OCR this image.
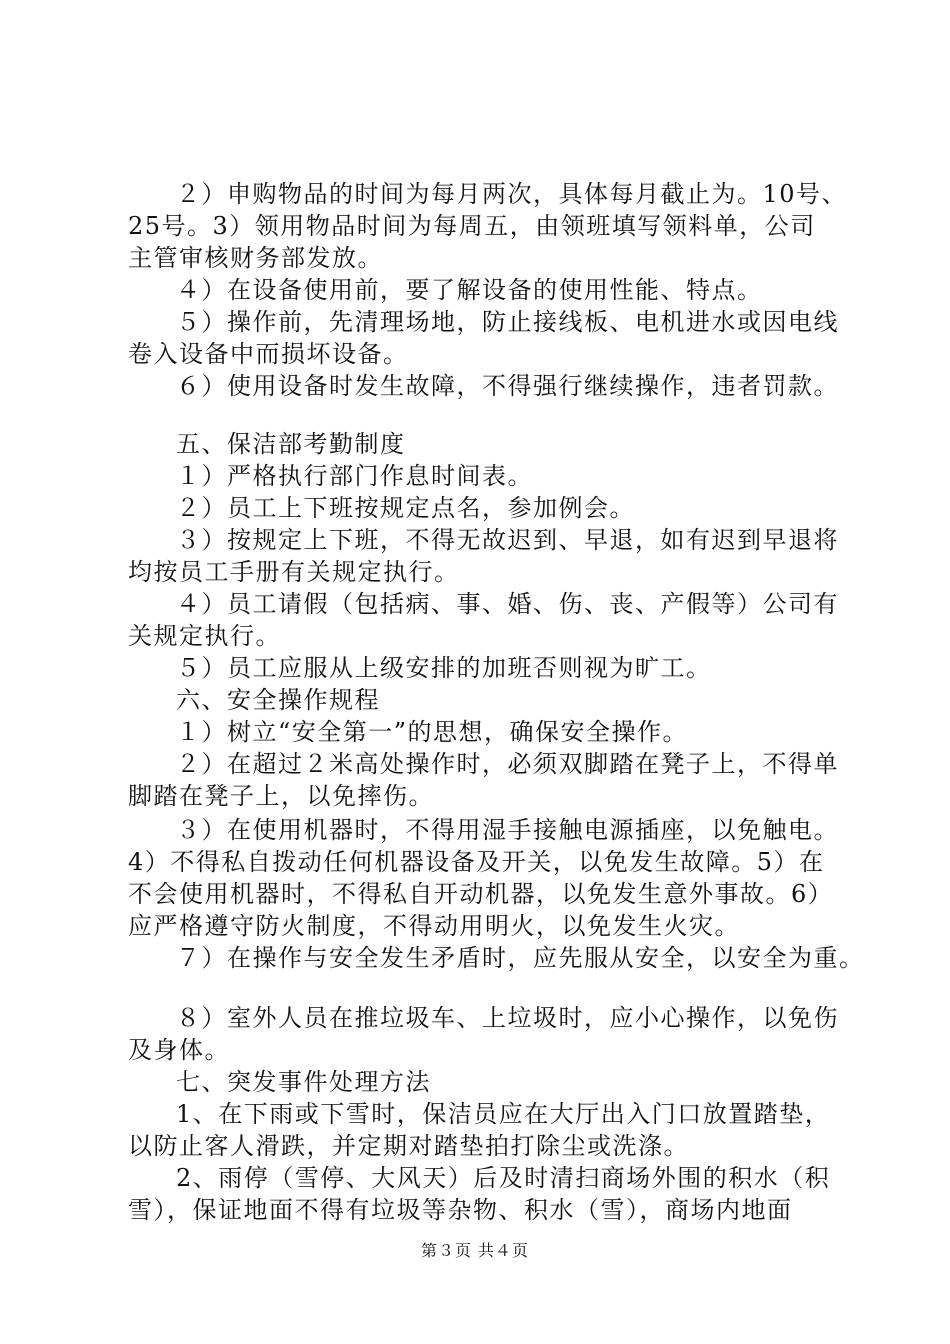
２）申购物品的时间为每月两次，具体每月截止为。10号、
25号。3）领用物品时间为每周五，由领班填写领料单，公司
主管审核财务部发放。
４）在设备使用前，要了解设备的使用性能、特点。
５）操作前，先清理场地，防止接线板、电机进水或因电线
卷入设备中而损坏设备。
６）使用设备时发生故障，不得强行继续操作，违者罚款。
五、保洁部考勤制度
１）严格执行部门作息时间表。
２）员工上下班按规定点名，参加例会。
３）按规定上下班，不得无故迟到、早退，如有迟到早退将
均按员工手册有关规定执行。
４）员工请假（包括病、事、婚、伤、丧、产假等）公司有
关规定执行。
５）员工应服从上级安排的加班否则视为旷工。
六、安全操作规程
１）树立“安全第一”的思想，确保安全操作。
２）在超过２米高处操作时，必须双脚踏在凳子上，不得单
脚踏在凳子上，以免摔伤。
３）在使用机器时，不得用湿手接触电源插座，以免触电。
4）不得私自拨动任何机器设备及开关，以免发生故障。5）在
不会使用机器时，不得私自开动机器，以免发生意外事故。6）
应严格遵守防火制度，不得动用明火，以免发生火灾。
７）在操作与安全发生矛盾时，应先服从安全，以安全为重。
８）室外人员在推垃圾车、上垃圾时，应小心操作，以免伤
及身体。
七、突发事件处理方法
1、在下雨或下雪时，保洁员应在大厅出入门口放置踏垫，
以防止客人滑跌，并定期对踏垫拍打除尘或洗涤。
2、雨停（雪停、大风天）后及时清扫商场外围的积水（积
雪），保证地面不得有垃圾等杂物、积水（雪），商场内地面
第３页 共４页
